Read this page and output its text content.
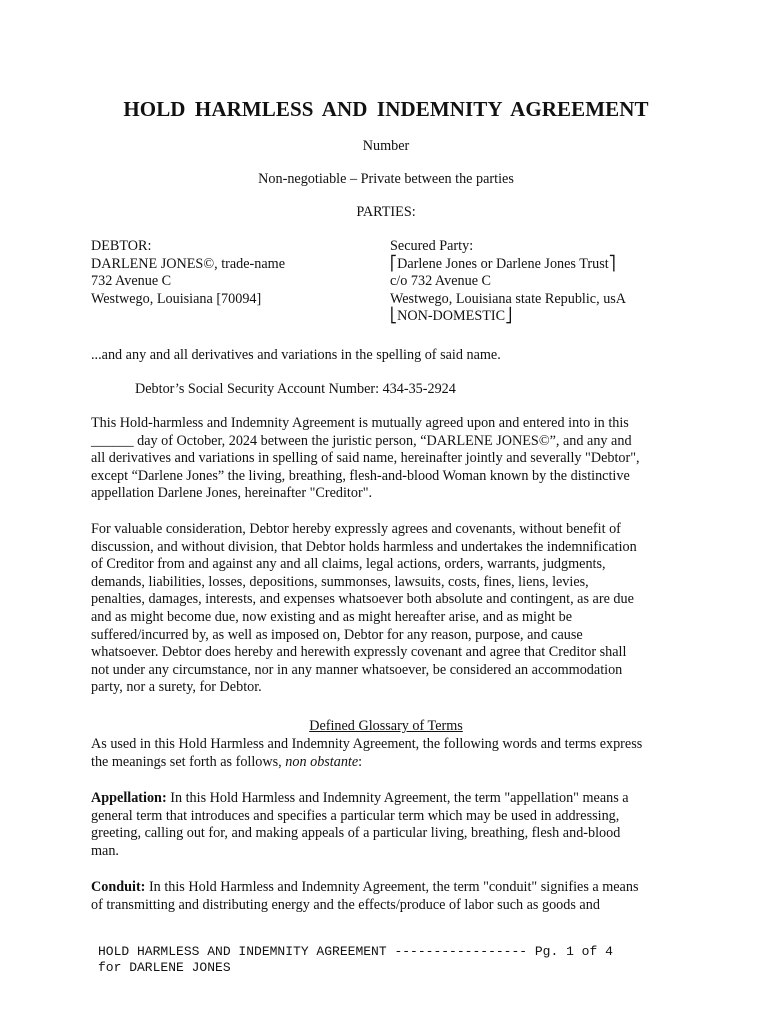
HOLD HARMLESS AND INDEMNITY AGREEMENT
Number
Non-negotiable – Private between the parties
PARTIES:
DEBTOR:
DARLENE JONES©, trade-name
732 Avenue C
Westwego, Louisiana [70094]
Secured Party:
⎡Darlene Jones or Darlene Jones Trust⎤
c/o 732 Avenue C
Westwego, Louisiana state Republic, usA
⎣NON-DOMESTIC⎦
...and any and all derivatives and variations in the spelling of said name.
Debtor’s Social Security Account Number: 434-35-2924
This Hold-harmless and Indemnity Agreement is mutually agreed upon and entered into in this
______ day of October, 2024 between the juristic person, “DARLENE JONES©”, and any and
all derivatives and variations in spelling of said name, hereinafter jointly and severally "Debtor",
except “Darlene Jones” the living, breathing, flesh-and-blood Woman known by the distinctive
appellation Darlene Jones, hereinafter "Creditor".
For valuable consideration, Debtor hereby expressly agrees and covenants, without benefit of
discussion, and without division, that Debtor holds harmless and undertakes the indemnification
of Creditor from and against any and all claims, legal actions, orders, warrants, judgments,
demands, liabilities, losses, depositions, summonses, lawsuits, costs, fines, liens, levies,
penalties, damages, interests, and expenses whatsoever both absolute and contingent, as are due
and as might become due, now existing and as might hereafter arise, and as might be
suffered/incurred by, as well as imposed on, Debtor for any reason, purpose, and cause
whatsoever. Debtor does hereby and herewith expressly covenant and agree that Creditor shall
not under any circumstance, nor in any manner whatsoever, be considered an accommodation
party, nor a surety, for Debtor.
Defined Glossary of Terms
As used in this Hold Harmless and Indemnity Agreement, the following words and terms express
the meanings set forth as follows, non obstante:
Appellation: In this Hold Harmless and Indemnity Agreement, the term "appellation" means a
general term that introduces and specifies a particular term which may be used in addressing,
greeting, calling out for, and making appeals of a particular living, breathing, flesh and-blood
man.
Conduit: In this Hold Harmless and Indemnity Agreement, the term "conduit" signifies a means
of transmitting and distributing energy and the effects/produce of labor such as goods and
HOLD HARMLESS AND INDEMNITY AGREEMENT ----------------- Pg. 1 of 4
for DARLENE JONES
